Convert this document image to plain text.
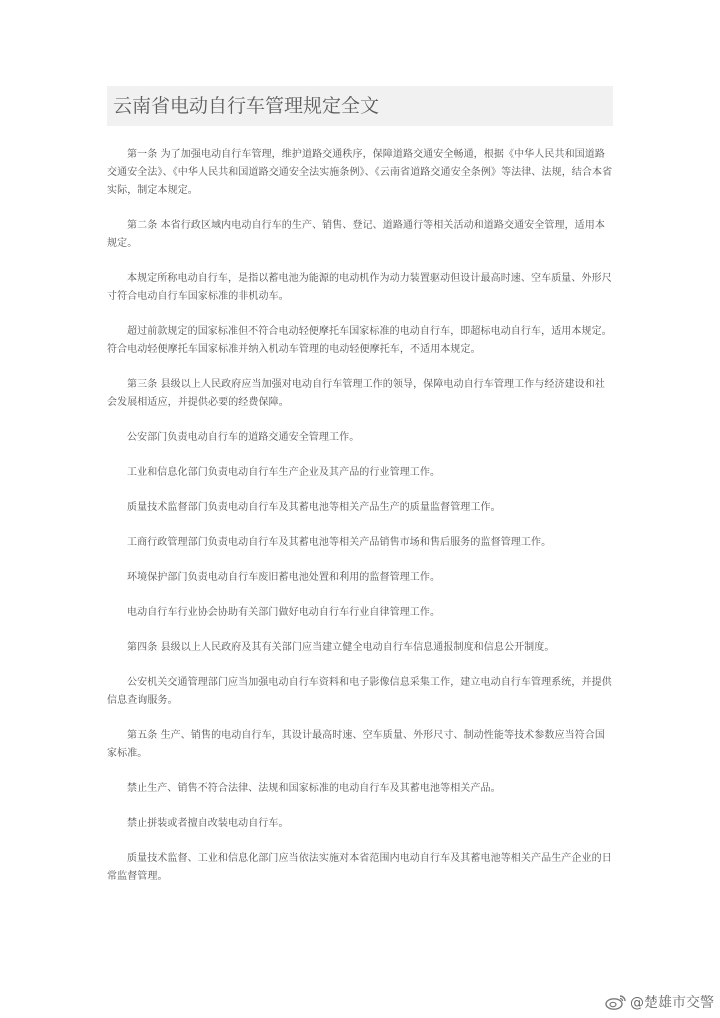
云南省电动自行车管理规定全文

第一条 为了加强电动自行车管理，维护道路交通秩序，保障道路交通安全畅通，根据《中华人民共和国道路交通安全法》、《中华人民共和国道路交通安全法实施条例》、《云南省道路交通安全条例》等法律、法规，结合本省实际，制定本规定。

第二条 本省行政区域内电动自行车的生产、销售、登记、道路通行等相关活动和道路交通安全管理，适用本规定。

本规定所称电动自行车，是指以蓄电池为能源的电动机作为动力装置驱动但设计最高时速、空车质量、外形尺寸符合电动自行车国家标准的非机动车。

超过前款规定的国家标准但不符合电动轻便摩托车国家标准的电动自行车，即超标电动自行车，适用本规定。符合电动轻便摩托车国家标准并纳入机动车管理的电动轻便摩托车，不适用本规定。

第三条 县级以上人民政府应当加强对电动自行车管理工作的领导，保障电动自行车管理工作与经济建设和社会发展相适应，并提供必要的经费保障。

公安部门负责电动自行车的道路交通安全管理工作。

工业和信息化部门负责电动自行车生产企业及其产品的行业管理工作。

质量技术监督部门负责电动自行车及其蓄电池等相关产品生产的质量监督管理工作。

工商行政管理部门负责电动自行车及其蓄电池等相关产品销售市场和售后服务的监督管理工作。

环境保护部门负责电动自行车废旧蓄电池处置和利用的监督管理工作。

电动自行车行业协会协助有关部门做好电动自行车行业自律管理工作。

第四条 县级以上人民政府及其有关部门应当建立健全电动自行车信息通报制度和信息公开制度。

公安机关交通管理部门应当加强电动自行车资料和电子影像信息采集工作，建立电动自行车管理系统，并提供信息查询服务。

第五条 生产、销售的电动自行车，其设计最高时速、空车质量、外形尺寸、制动性能等技术参数应当符合国家标准。

禁止生产、销售不符合法律、法规和国家标准的电动自行车及其蓄电池等相关产品。

禁止拼装或者擅自改装电动自行车。

质量技术监督、工业和信息化部门应当依法实施对本省范围内电动自行车及其蓄电池等相关产品生产企业的日常监督管理。

@楚雄市交警
